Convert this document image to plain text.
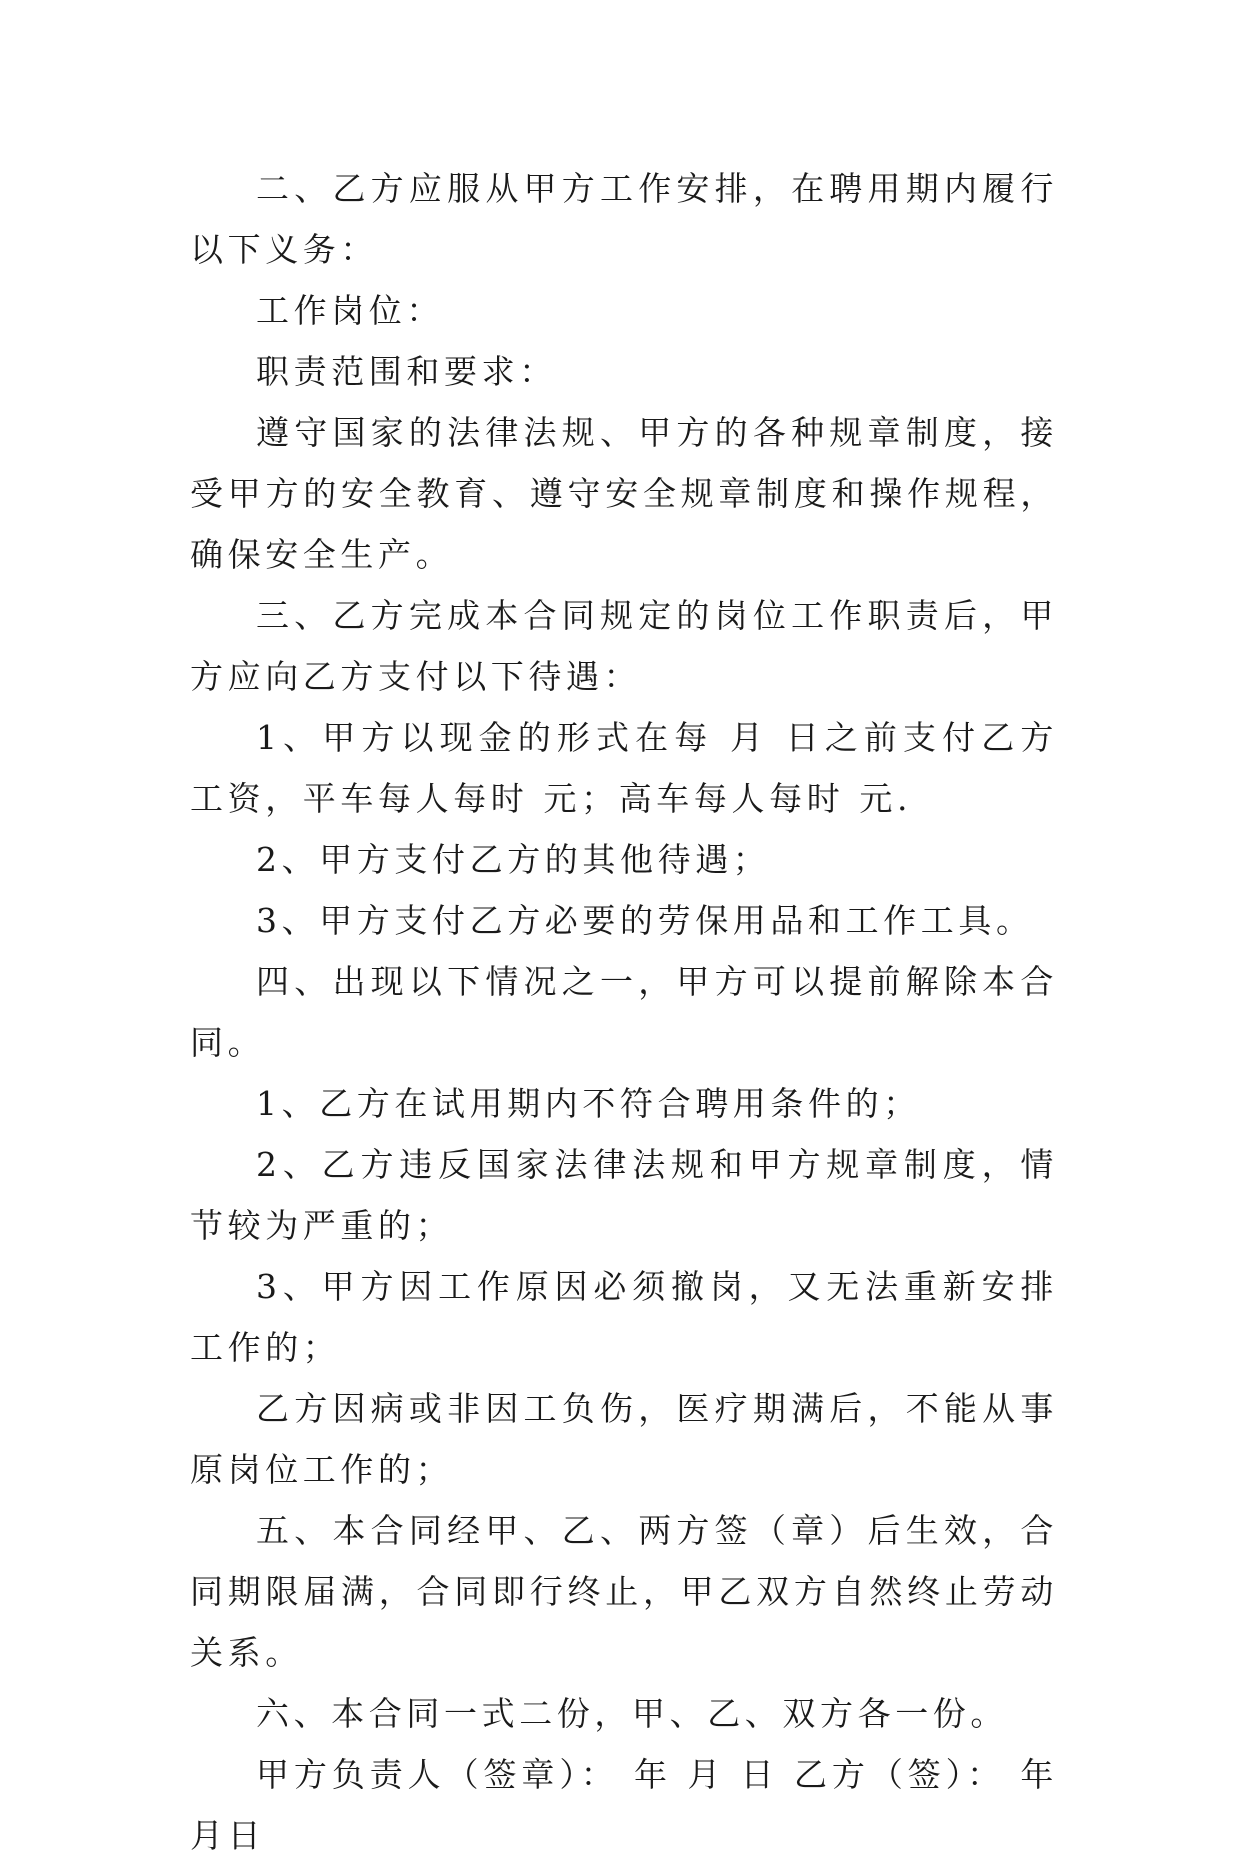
二、乙方应服从甲方工作安排，在聘用期内履行以下义务：

工作岗位：

职责范围和要求：

遵守国家的法律法规、甲方的各种规章制度，接受甲方的安全教育、遵守安全规章制度和操作规程，确保安全生产。

三、乙方完成本合同规定的岗位工作职责后，甲方应向乙方支付以下待遇：

1、甲方以现金的形式在每 月 日之前支付乙方工资，平车每人每时 元；高车每人每时 元.

2、甲方支付乙方的其他待遇；

3、甲方支付乙方必要的劳保用品和工作工具。

四、出现以下情况之一，甲方可以提前解除本合同。

1、乙方在试用期内不符合聘用条件的；

2、乙方违反国家法律法规和甲方规章制度，情节较为严重的；

3、甲方因工作原因必须撤岗，又无法重新安排工作的；

乙方因病或非因工负伤，医疗期满后，不能从事原岗位工作的；

五、本合同经甲、乙、两方签（章）后生效，合同期限届满，合同即行终止，甲乙双方自然终止劳动关系。

六、本合同一式二份，甲、乙、双方各一份。

甲方负责人（签章）： 年 月 日 乙方（签）： 年 月日
